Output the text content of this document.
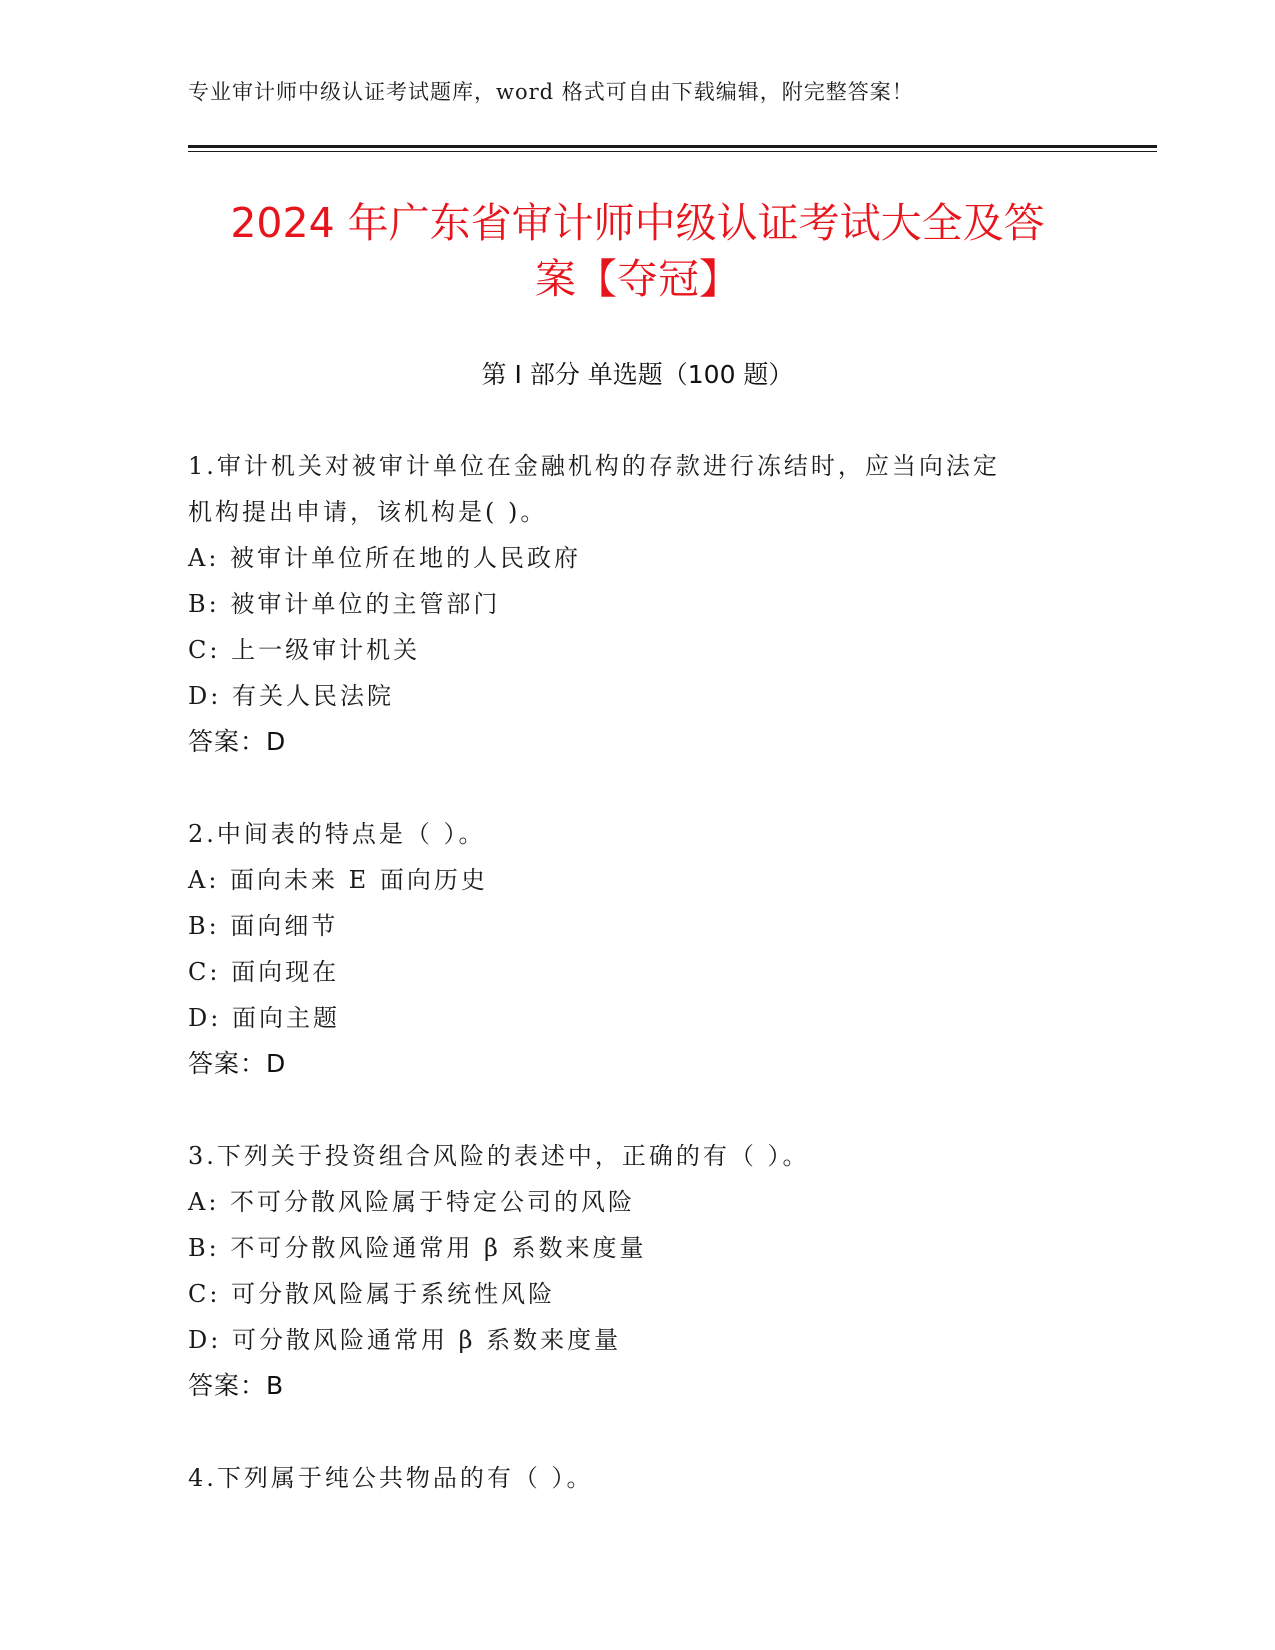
专业审计师中级认证考试题库，word 格式可自由下载编辑，附完整答案！
2024 年广东省审计师中级认证考试大全及答
案【夺冠】
第 I 部分 单选题（100 题）
1.审计机关对被审计单位在金融机构的存款进行冻结时，应当向法定
机构提出申请，该机构是( )。
A: 被审计单位所在地的人民政府
B: 被审计单位的主管部门
C: 上一级审计机关
D: 有关人民法院
答案：D
2.中间表的特点是（ ）。
A: 面向未来 E 面向历史
B: 面向细节
C: 面向现在
D: 面向主题
答案：D
3.下列关于投资组合风险的表述中，正确的有（ ）。
A: 不可分散风险属于特定公司的风险
B: 不可分散风险通常用 β 系数来度量
C: 可分散风险属于系统性风险
D: 可分散风险通常用 β 系数来度量
答案：B
4.下列属于纯公共物品的有（ ）。
